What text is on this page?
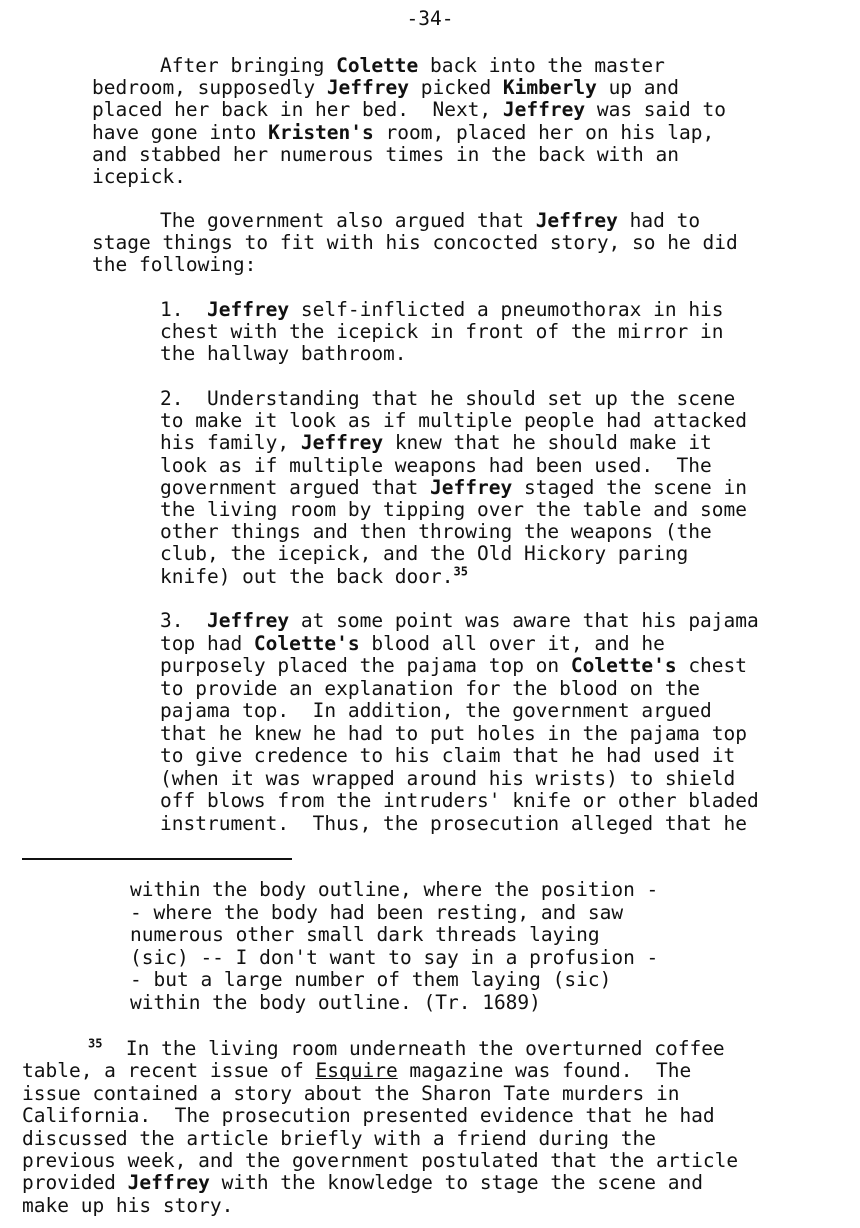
-34-
After bringing Colette back into the master
bedroom, supposedly Jeffrey picked Kimberly up and
placed her back in her bed.  Next, Jeffrey was said to
have gone into Kristen's room, placed her on his lap,
and stabbed her numerous times in the back with an
icepick.
The government also argued that Jeffrey had to
stage things to fit with his concocted story, so he did
the following:
1.  Jeffrey self-inflicted a pneumothorax in his
chest with the icepick in front of the mirror in
the hallway bathroom.
2.  Understanding that he should set up the scene
to make it look as if multiple people had attacked
his family, Jeffrey knew that he should make it
look as if multiple weapons had been used.  The
government argued that Jeffrey staged the scene in
the living room by tipping over the table and some
other things and then throwing the weapons (the
club, the icepick, and the Old Hickory paring
knife) out the back door.$^{35}$
3.  Jeffrey at some point was aware that his pajama
top had Colette's blood all over it, and he
purposely placed the pajama top on Colette's chest
to provide an explanation for the blood on the
pajama top.  In addition, the government argued
that he knew he had to put holes in the pajama top
to give credence to his claim that he had used it
(when it was wrapped around his wrists) to shield
off blows from the intruders' knife or other bladed
instrument.  Thus, the prosecution alleged that he
within the body outline, where the position -
- where the body had been resting, and saw
numerous other small dark threads laying
(sic) -- I don't want to say in a profusion -
- but a large number of them laying (sic)
within the body outline. (Tr. 1689)
$^{35}$  In the living room underneath the overturned coffee
table, a recent issue of Esquire magazine was found.  The
issue contained a story about the Sharon Tate murders in
California.  The prosecution presented evidence that he had
discussed the article briefly with a friend during the
previous week, and the government postulated that the article
provided Jeffrey with the knowledge to stage the scene and
make up his story.
